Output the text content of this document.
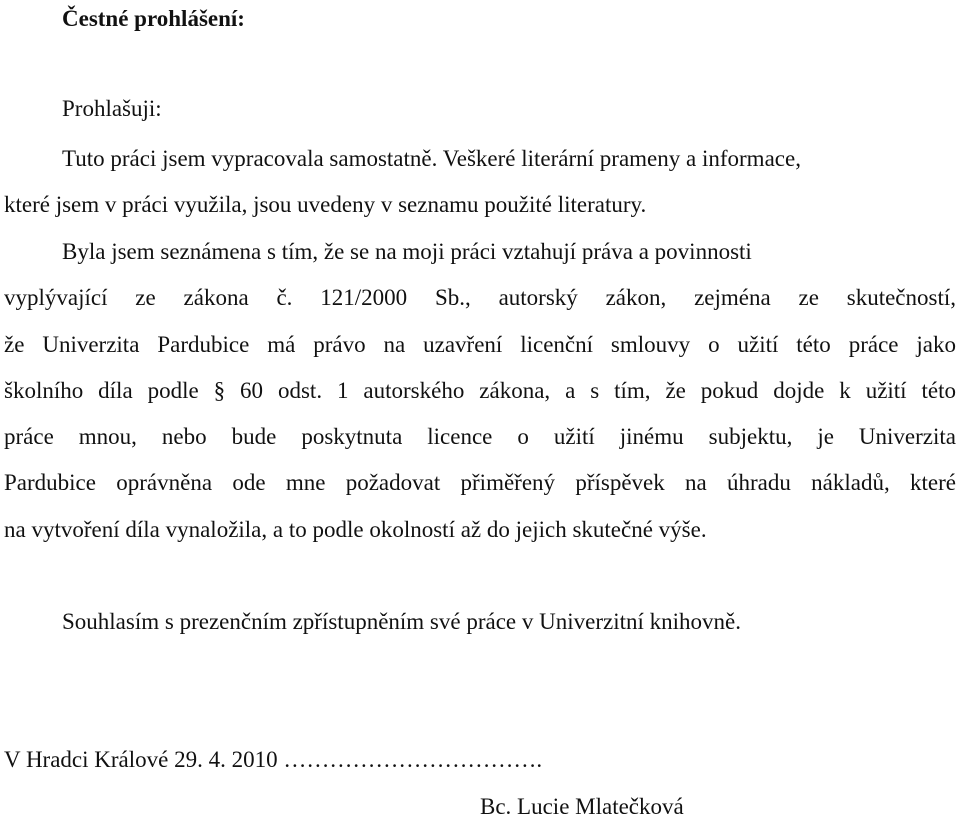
Čestné prohlášení:
Prohlašuji:
Tuto práci jsem vypracovala samostatně. Veškeré literární prameny a informace,
které jsem v práci využila, jsou uvedeny v seznamu použité literatury.
Byla jsem seznámena s tím, že se na moji práci vztahují práva a povinnosti
vyplývající ze zákona č. 121/2000 Sb., autorský zákon, zejména ze skutečností,
že Univerzita Pardubice má právo na uzavření licenční smlouvy o užití této práce jako
školního díla podle § 60 odst. 1 autorského zákona, a s tím, že pokud dojde k užití této
práce mnou, nebo bude poskytnuta licence o užití jinému subjektu, je Univerzita
Pardubice oprávněna ode mne požadovat přiměřený příspěvek na úhradu nákladů, které
na vytvoření díla vynaložila, a to podle okolností až do jejich skutečné výše.
Souhlasím s prezenčním zpřístupněním své práce v Univerzitní knihovně.
V Hradci Králové 29. 4. 2010 …………………………….
Bc. Lucie Mlatečková
